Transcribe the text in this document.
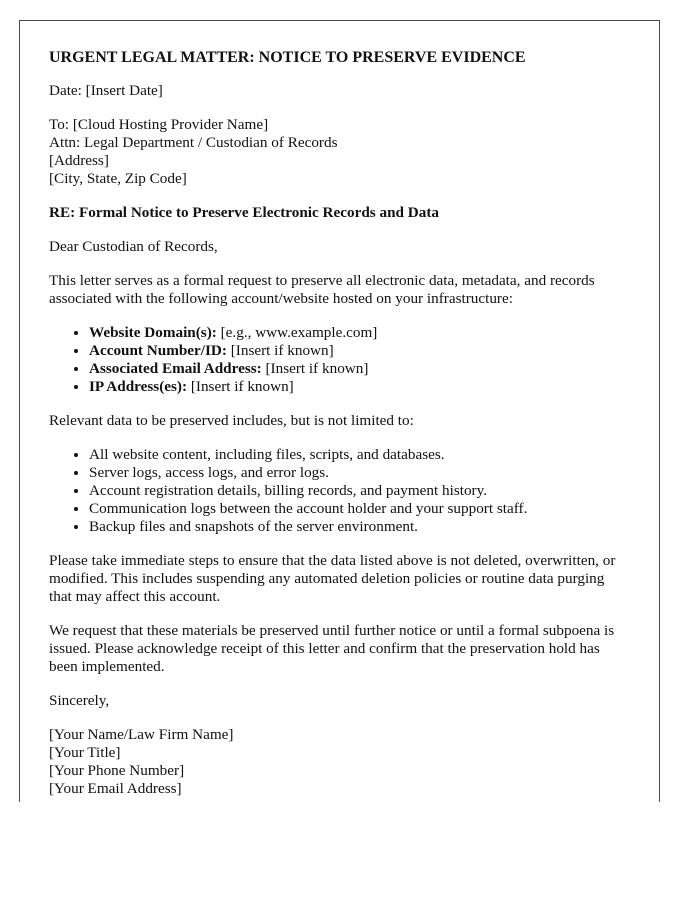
URGENT LEGAL MATTER: NOTICE TO PRESERVE EVIDENCE

Date: [Insert Date]

To: [Cloud Hosting Provider Name]
Attn: Legal Department / Custodian of Records
[Address]
[City, State, Zip Code]
RE: Formal Notice to Preserve Electronic Records and Data

Dear Custodian of Records,

This letter serves as a formal request to preserve all electronic data, metadata, and records associated with the following account/website hosted on your infrastructure:

• Website Domain(s): [e.g., www.example.com]
• Account Number/ID: [Insert if known]
• Associated Email Address: [Insert if known]
• IP Address(es): [Insert if known]

Relevant data to be preserved includes, but is not limited to:

• All website content, including files, scripts, and databases.
• Server logs, access logs, and error logs.
• Account registration details, billing records, and payment history.
• Communication logs between the account holder and your support staff.
• Backup files and snapshots of the server environment.

Please take immediate steps to ensure that the data listed above is not deleted, overwritten, or modified. This includes suspending any automated deletion policies or routine data purging that may affect this account.

We request that these materials be preserved until further notice or until a formal subpoena is issued. Please acknowledge receipt of this letter and confirm that the preservation hold has been implemented.

Sincerely,

[Your Name/Law Firm Name]
[Your Title]
[Your Phone Number]
[Your Email Address]
